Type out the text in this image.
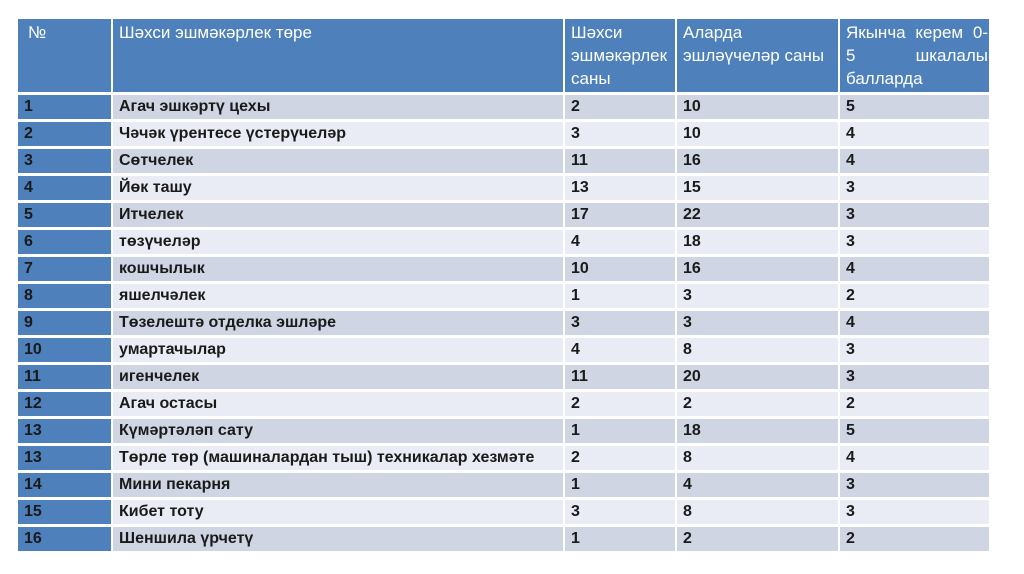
№	Шәхси эшмәкәрлек төре	Шәхси эшмәкәрлек саны	Аларда эшләүчеләр саны	Якынча керем 0-
5 шкалалы
балларда

1	Агач эшкәртү цехы	2	10	5
2	Чәчәк үрентесе үстерүчеләр	3	10	4
3	Сөтчелек	11	16	4
4	Йөк ташу	13	15	3
5	Итчелек	17	22	3
6	төзүчеләр	4	18	3
7	кошчылык	10	16	4
8	яшелчәлек	1	3	2
9	Төзелештә отделка эшләре	3	3	4
10	умартачылар	4	8	3
11	игенчелек	11	20	3
12	Агач остасы	2	2	2
13	Күмәртәләп сату	1	18	5
13	Төрле төр (машиналардан тыш) техникалар хезмәте	2	8	4
14	Мини пекарня	1	4	3
15	Кибет тоту	3	8	3
16	Шеншила үрчетү	1	2	2
